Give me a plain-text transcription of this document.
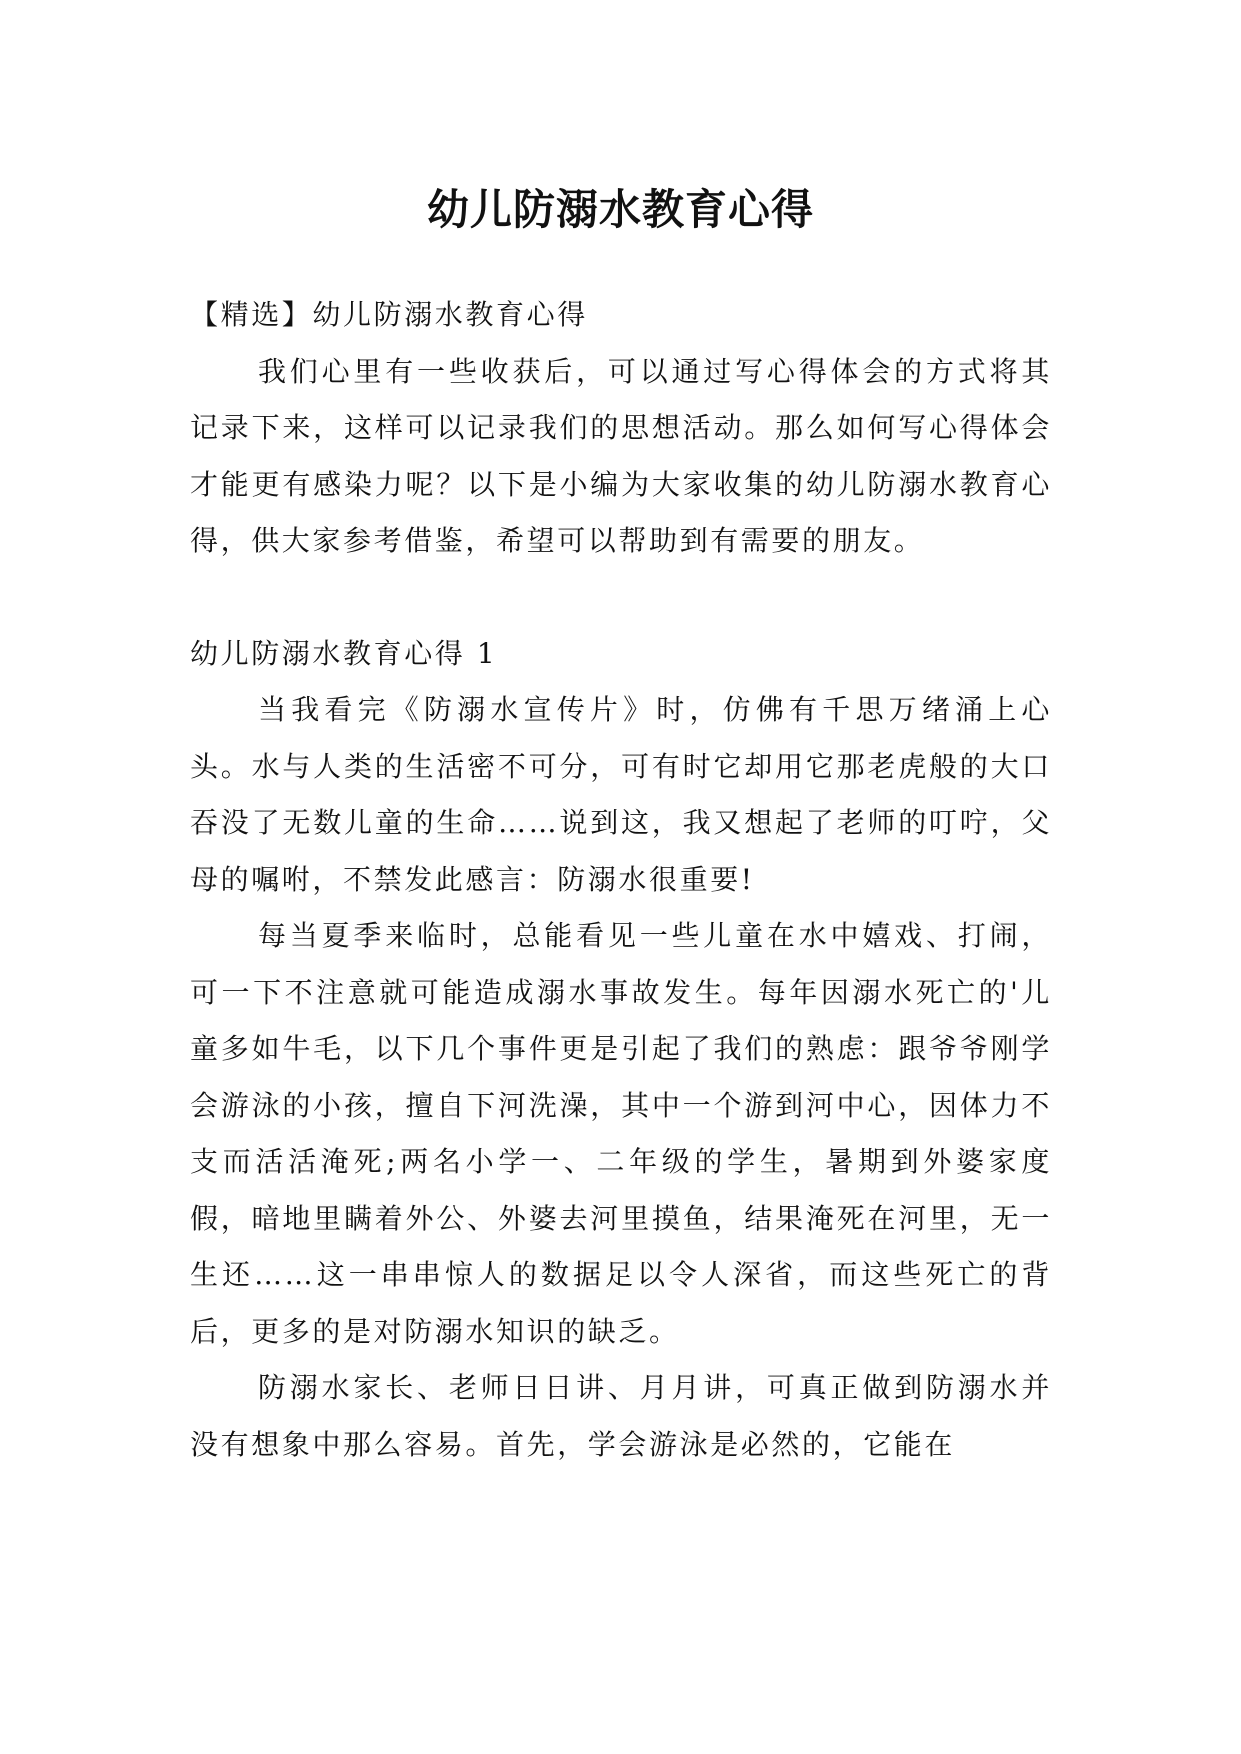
幼儿防溺水教育心得

【精选】幼儿防溺水教育心得

我们心里有一些收获后，可以通过写心得体会的方式将其记录下来，这样可以记录我们的思想活动。那么如何写心得体会才能更有感染力呢？以下是小编为大家收集的幼儿防溺水教育心得，供大家参考借鉴，希望可以帮助到有需要的朋友。

幼儿防溺水教育心得 1

当我看完《防溺水宣传片》时，仿佛有千思万绪涌上心头。水与人类的生活密不可分，可有时它却用它那老虎般的大口吞没了无数儿童的生命……说到这，我又想起了老师的叮咛，父母的嘱咐，不禁发此感言：防溺水很重要!

每当夏季来临时，总能看见一些儿童在水中嬉戏、打闹，可一下不注意就可能造成溺水事故发生。每年因溺水死亡的'儿童多如牛毛，以下几个事件更是引起了我们的熟虑：跟爷爷刚学会游泳的小孩，擅自下河洗澡，其中一个游到河中心，因体力不支而活活淹死;两名小学一、二年级的学生，暑期到外婆家度假，暗地里瞒着外公、外婆去河里摸鱼，结果淹死在河里，无一生还……这一串串惊人的数据足以令人深省，而这些死亡的背后，更多的是对防溺水知识的缺乏。

防溺水家长、老师日日讲、月月讲，可真正做到防溺水并没有想象中那么容易。首先，学会游泳是必然的，它能在
